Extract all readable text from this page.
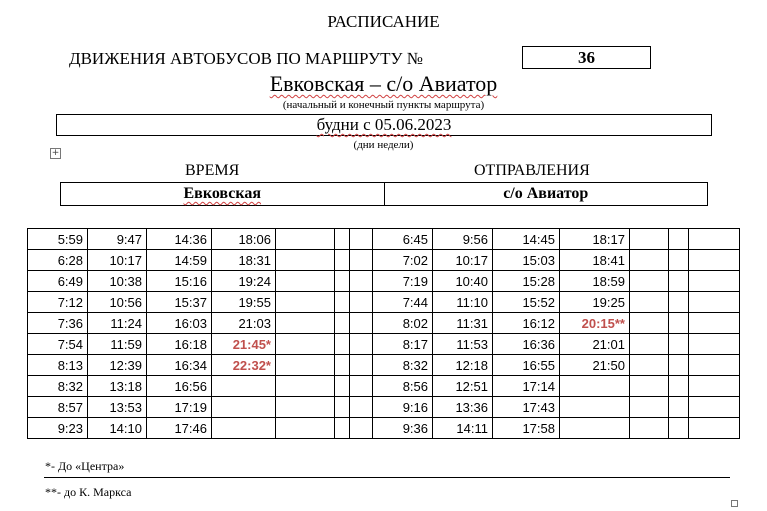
РАСПИСАНИЕ
ДВИЖЕНИЯ АВТОБУСОВ ПО МАРШРУТУ №	36
Евковская – с/о Авиатор
(начальный и конечный пункты маршрута)
будни с 05.06.2023
(дни недели)
+
ВРЕМЯ	ОТПРАВЛЕНИЯ
Евковская	с/о Авиатор
5:59	9:47	14:36	18:06				6:45	9:56	14:45	18:17			
6:28	10:17	14:59	18:31				7:02	10:17	15:03	18:41			
6:49	10:38	15:16	19:24				7:19	10:40	15:28	18:59			
7:12	10:56	15:37	19:55				7:44	11:10	15:52	19:25			
7:36	11:24	16:03	21:03				8:02	11:31	16:12	20:15**			
7:54	11:59	16:18	21:45*				8:17	11:53	16:36	21:01			
8:13	12:39	16:34	22:32*				8:32	12:18	16:55	21:50			
8:32	13:18	16:56					8:56	12:51	17:14				
8:57	13:53	17:19					9:16	13:36	17:43				
9:23	14:10	17:46					9:36	14:11	17:58				
*- До «Центра»
**- до К. Маркса
